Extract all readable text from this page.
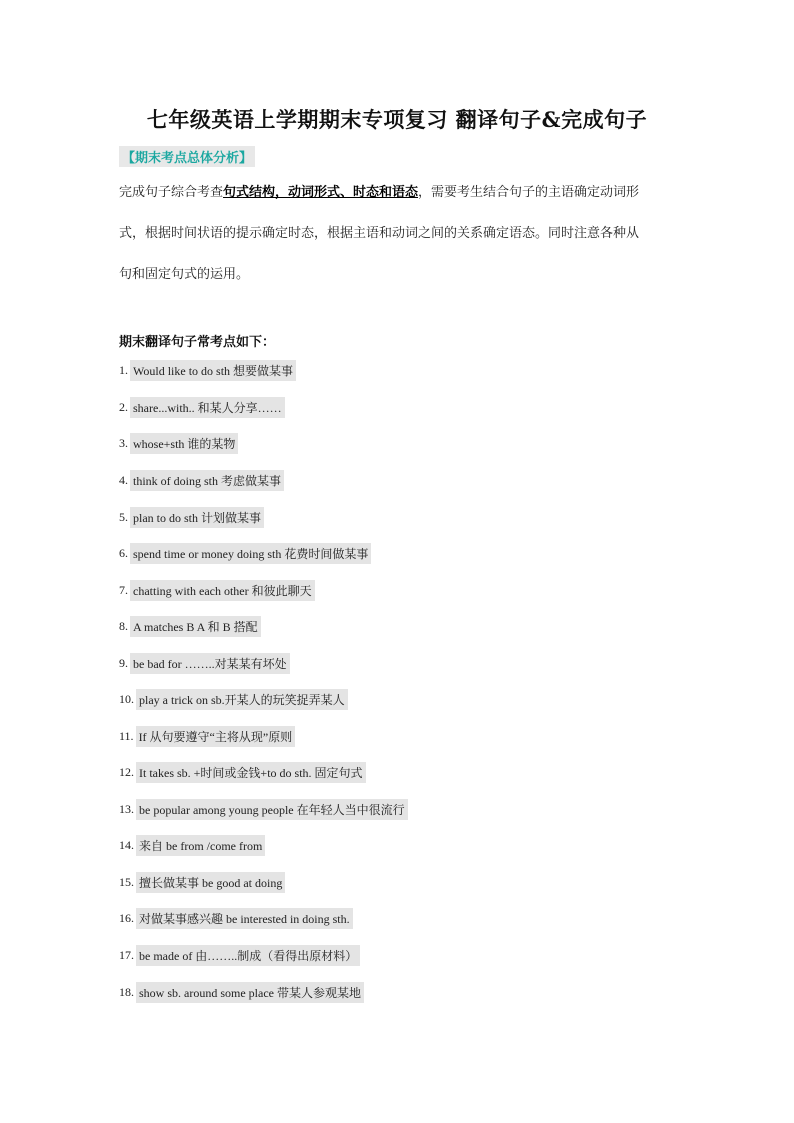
七年级英语上学期期末专项复习 翻译句子&完成句子
【期末考点总体分析】
完成句子综合考查句式结构，动词形式、时态和语态，需要考生结合句子的主语确定动词形
式，根据时间状语的提示确定时态，根据主语和动词之间的关系确定语态。同时注意各种从
句和固定句式的运用。
期末翻译句子常考点如下：
1. Would like to do sth 想要做某事
2. share...with.. 和某人分享……
3. whose+sth 谁的某物
4. think of doing sth 考虑做某事
5. plan to do sth 计划做某事
6. spend time or money doing sth 花费时间做某事
7. chatting with each other 和彼此聊天
8. A matches B A 和 B 搭配
9. be bad for ……..对某某有坏处
10. play a trick on sb.开某人的玩笑捉弄某人
11. If 从句要遵守“主将从现”原则
12. It takes sb. +时间或金钱+to do sth. 固定句式
13. be popular among young people 在年轻人当中很流行
14. 来自 be from /come from
15. 擅长做某事 be good at doing
16. 对做某事感兴趣 be interested in doing sth.
17. be made of 由……..制成（看得出原材料）
18. show sb. around some place 带某人参观某地
